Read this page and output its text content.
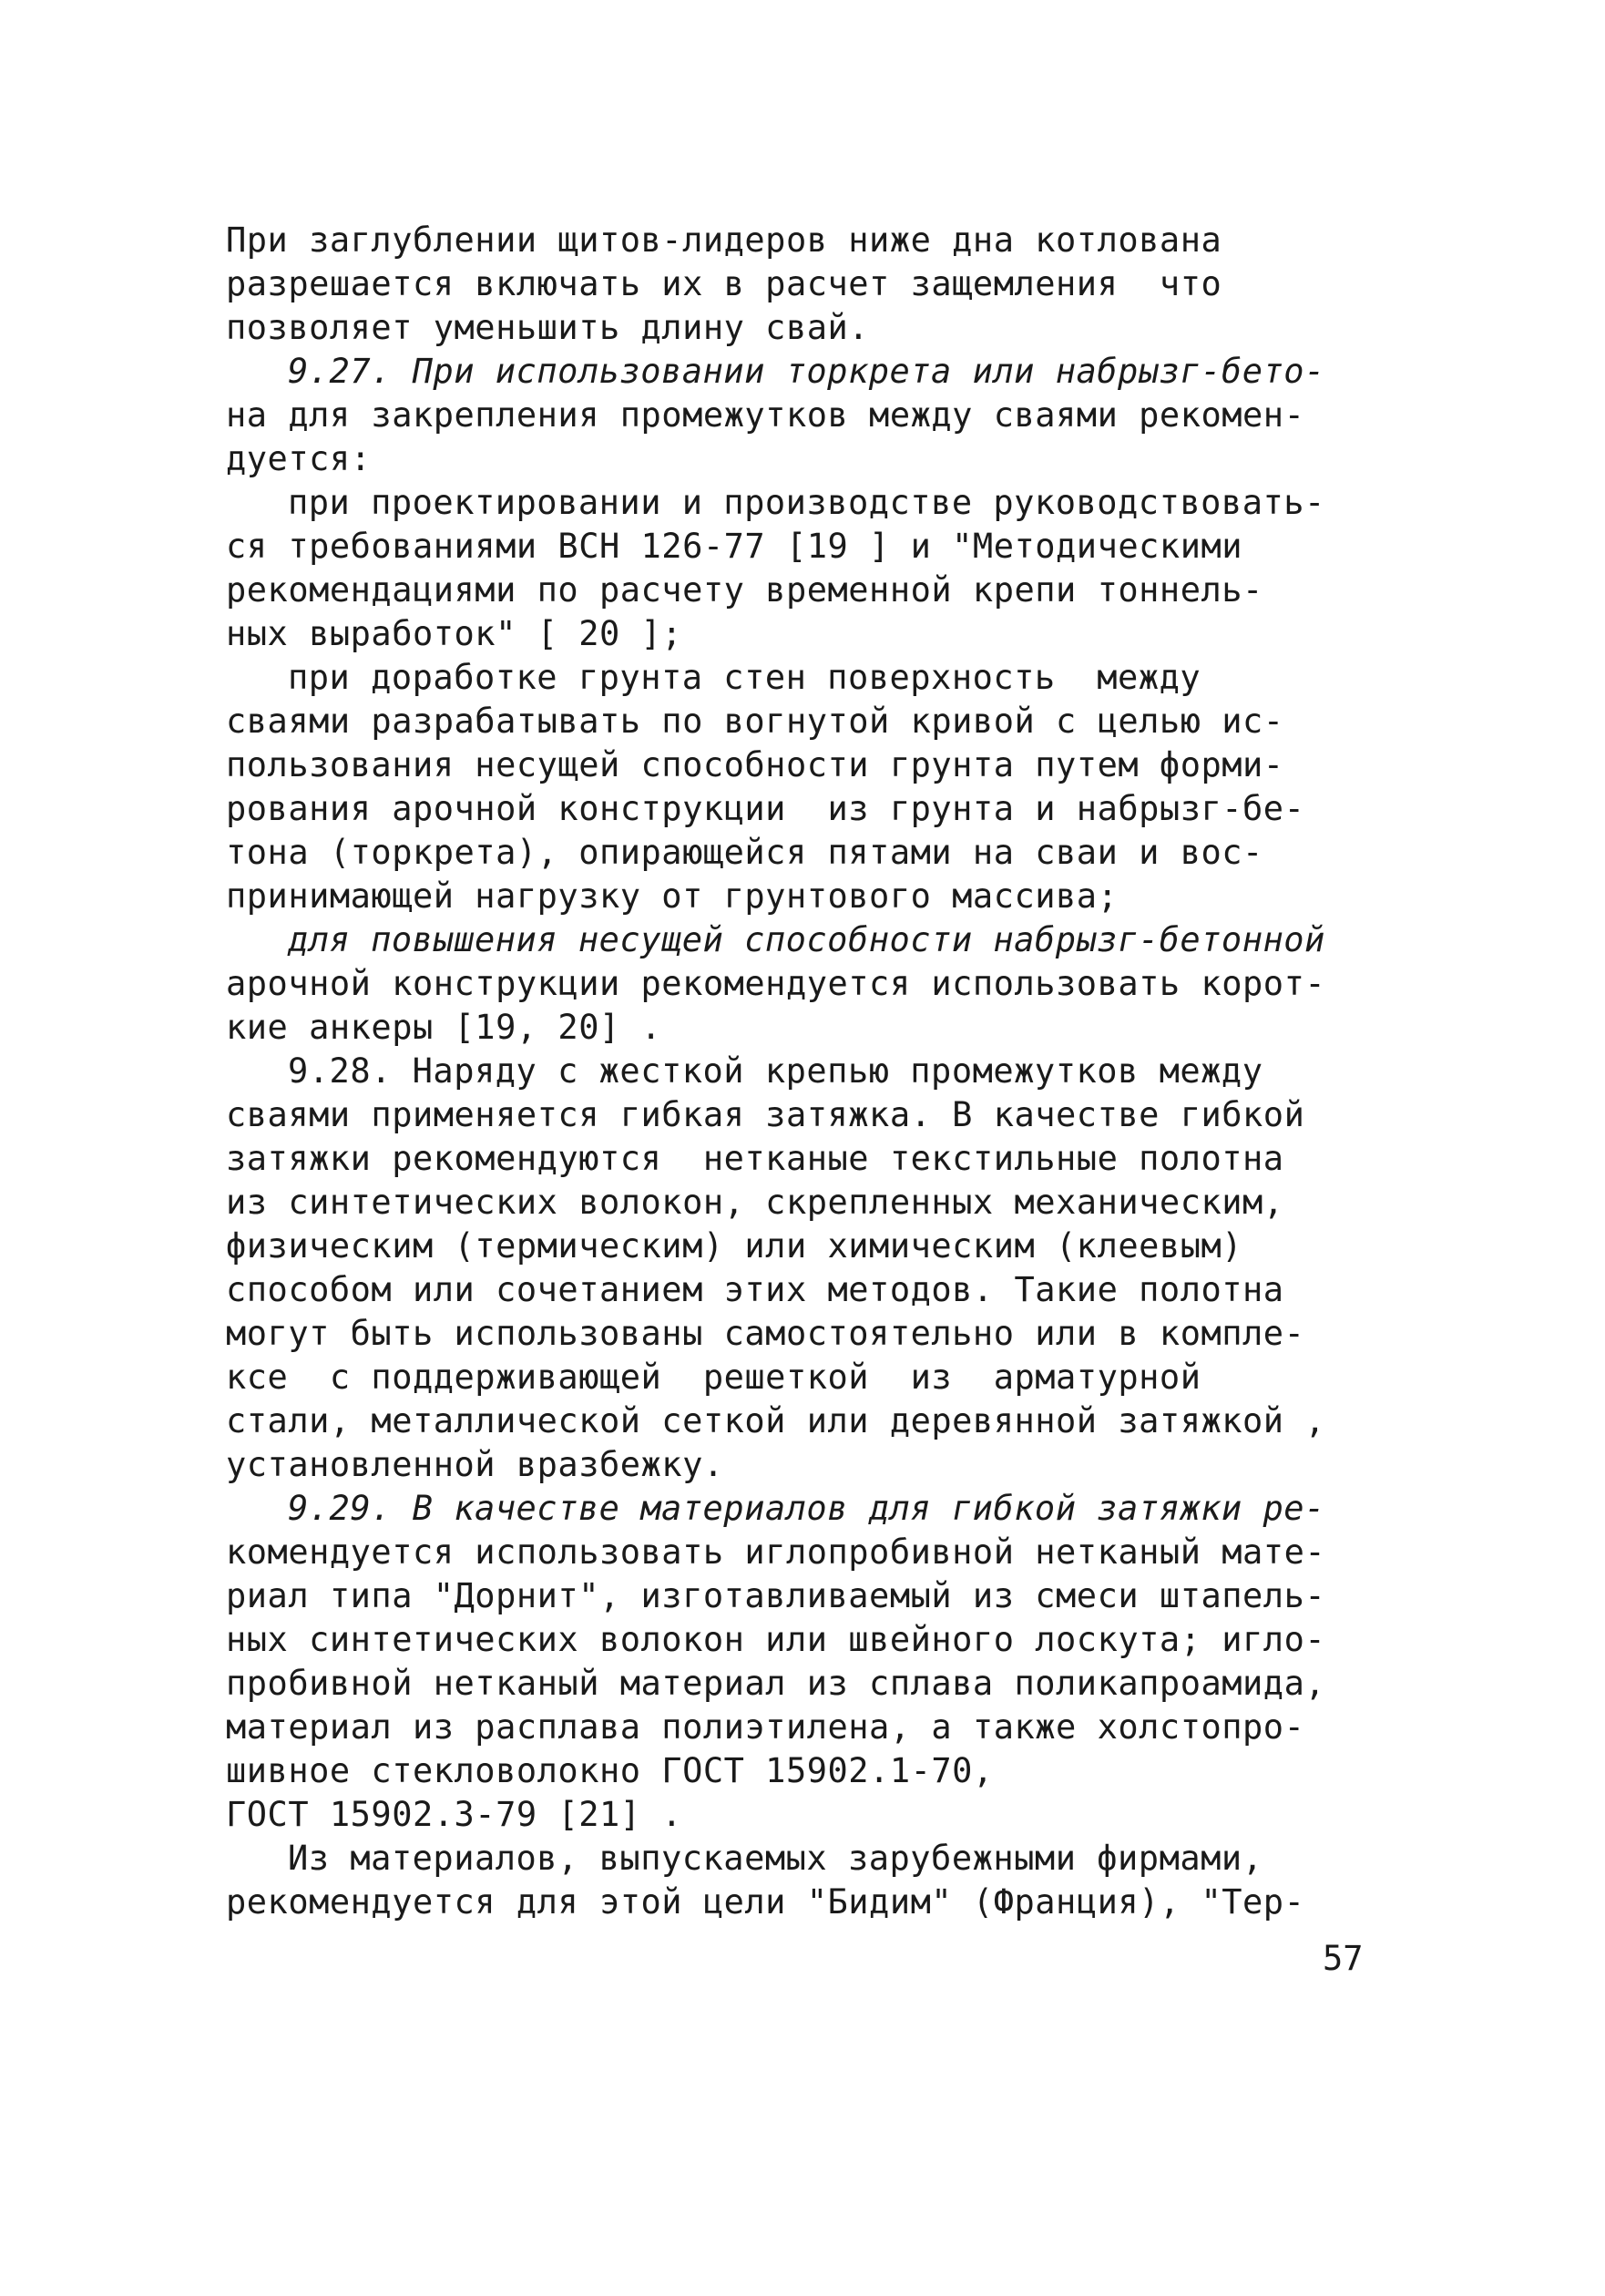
При заглублении щитов-лидеров ниже дна котлована
разрешается включать их в расчет защемления  что
позволяет уменьшить длину свай.
9.27. При использовании торкрета или набрызг-бето-
на для закрепления промежутков между сваями рекомен-
дуется:
при проектировании и производстве руководствовать-
ся требованиями ВСН 126-77 [19 ] и "Методическими
рекомендациями по расчету временной крепи тоннель-
ных выработок" [ 20 ];
при доработке грунта стен поверхность  между
сваями разрабатывать по вогнутой кривой с целью ис-
пользования несущей способности грунта путем форми-
рования арочной конструкции  из грунта и набрызг-бе-
тона (торкрета), опирающейся пятами на сваи и вос-
принимающей нагрузку от грунтового массива;
для повышения несущей способности набрызг-бетонной
арочной конструкции рекомендуется использовать корот-
кие анкеры [19, 20] .
9.28. Наряду с жесткой крепью промежутков между
сваями применяется гибкая затяжка. В качестве гибкой
затяжки рекомендуются  нетканые текстильные полотна
из синтетических волокон, скрепленных механическим,
физическим (термическим) или химическим (клеевым)
способом или сочетанием этих методов. Такие полотна
могут быть использованы самостоятельно или в компле-
ксе  с поддерживающей  решеткой  из  арматурной
стали, металлической сеткой или деревянной затяжкой ,
установленной вразбежку.
9.29. В качестве материалов для гибкой затяжки ре-
комендуется использовать иглопробивной нетканый мате-
риал типа "Дорнит", изготавливаемый из смеси штапель-
ных синтетических волокон или швейного лоскута; игло-
пробивной нетканый материал из сплава поликапроамида,
материал из расплава полиэтилена, а также холстопро-
шивное стекловолокно ГОСТ 15902.1-70,
ГОСТ 15902.3-79 [21] .
Из материалов, выпускаемых зарубежными фирмами,
рекомендуется для этой цели "Бидим" (Франция), "Тер-
57
